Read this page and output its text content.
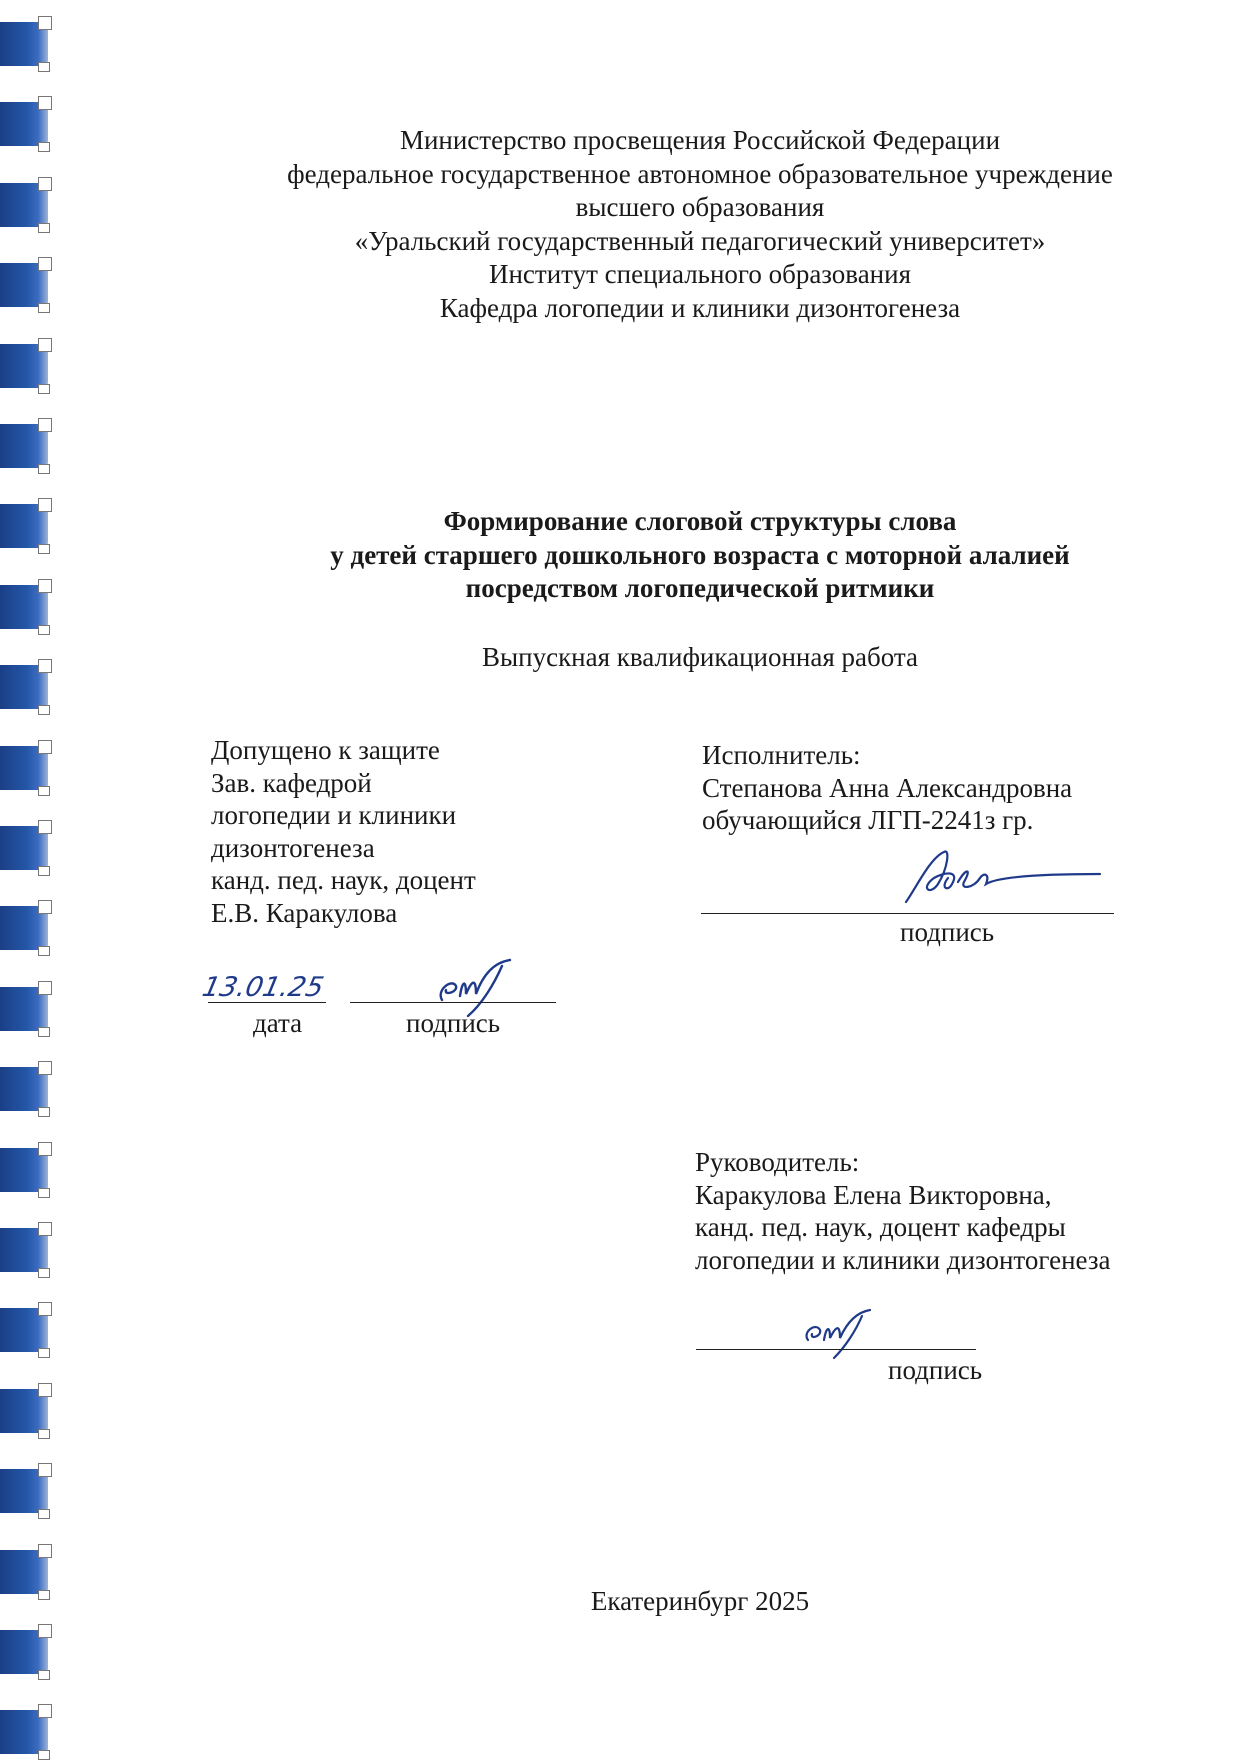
Министерство просвещения Российской Федерации
федеральное государственное автономное образовательное учреждение
высшего образования
«Уральский государственный педагогический университет»
Институт специального образования
Кафедра логопедии и клиники дизонтогенеза
Формирование слоговой структуры слова
у детей старшего дошкольного возраста с моторной алалией
посредством логопедической ритмики
Выпускная квалификационная работа
Допущено к защите
Зав. кафедрой
логопедии и клиники
дизонтогенеза
канд. пед. наук, доцент
Е.В. Каракулова
13.01.25
дата	подпись
Исполнитель:
Степанова Анна Александровна
обучающийся ЛГП-2241з гр.
подпись
Руководитель:
Каракулова Елена Викторовна,
канд. пед. наук, доцент кафедры
логопедии и клиники дизонтогенеза
подпись
Екатеринбург 2025
